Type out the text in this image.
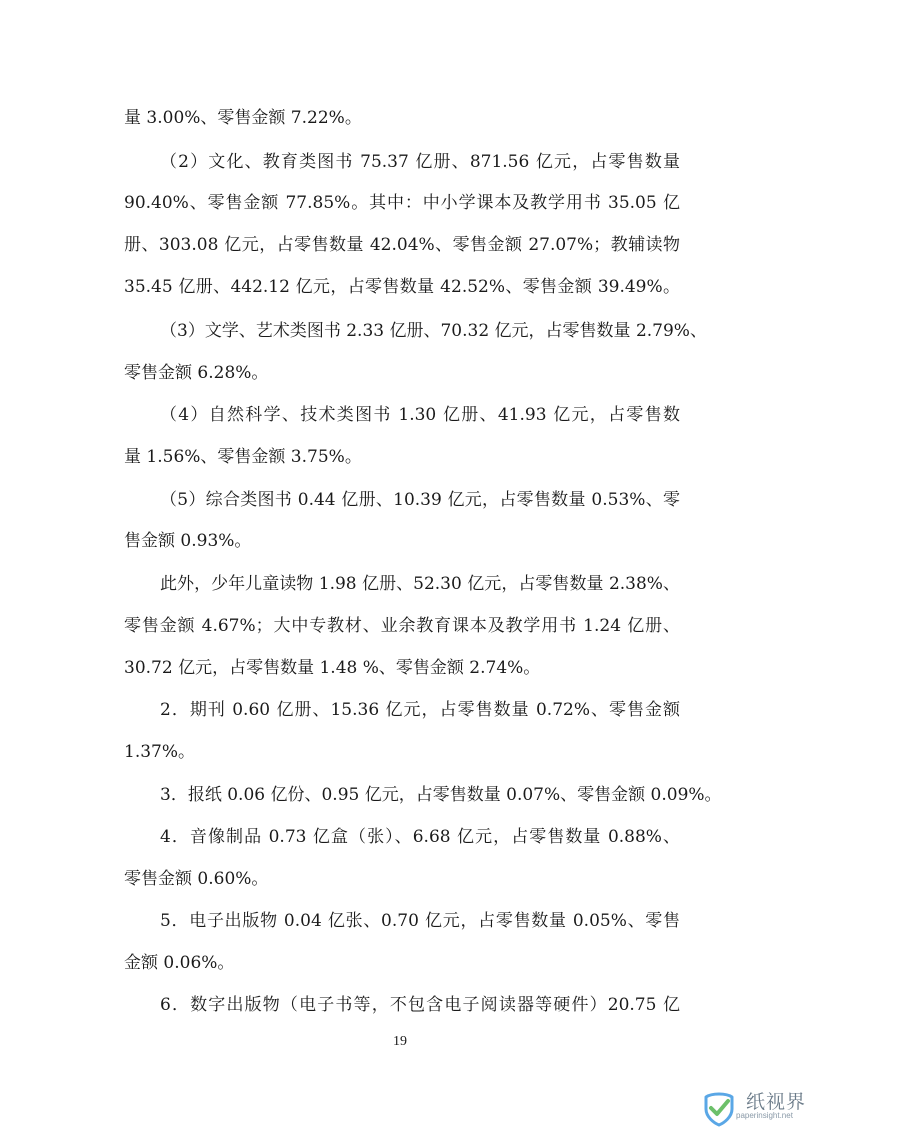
量 3.00%、零售金额 7.22%。
（2）文化、教育类图书 75.37 亿册、871.56 亿元，占零售数量
90.40%、零售金额 77.85%。其中：中小学课本及教学用书 35.05 亿
册、303.08 亿元，占零售数量 42.04%、零售金额 27.07%；教辅读物
35.45 亿册、442.12 亿元，占零售数量 42.52%、零售金额 39.49%。
（3）文学、艺术类图书 2.33 亿册、70.32 亿元，占零售数量 2.79%、
零售金额 6.28%。
（4）自然科学、技术类图书 1.30 亿册、41.93 亿元，占零售数
量 1.56%、零售金额 3.75%。
（5）综合类图书 0.44 亿册、10.39 亿元，占零售数量 0.53%、零
售金额 0.93%。
此外，少年儿童读物 1.98 亿册、52.30 亿元，占零售数量 2.38%、
零售金额 4.67%；大中专教材、业余教育课本及教学用书 1.24 亿册、
30.72 亿元，占零售数量 1.48 %、零售金额 2.74%。
2．期刊 0.60 亿册、15.36 亿元，占零售数量 0.72%、零售金额
1.37%。
3．报纸 0.06 亿份、0.95 亿元，占零售数量 0.07%、零售金额 0.09%。
4．音像制品 0.73 亿盒（张）、6.68 亿元，占零售数量 0.88%、
零售金额 0.60%。
5．电子出版物 0.04 亿张、0.70 亿元，占零售数量 0.05%、零售
金额 0.06%。
6．数字出版物（电子书等，不包含电子阅读器等硬件）20.75 亿
19
纸视界
paperinsight.net
